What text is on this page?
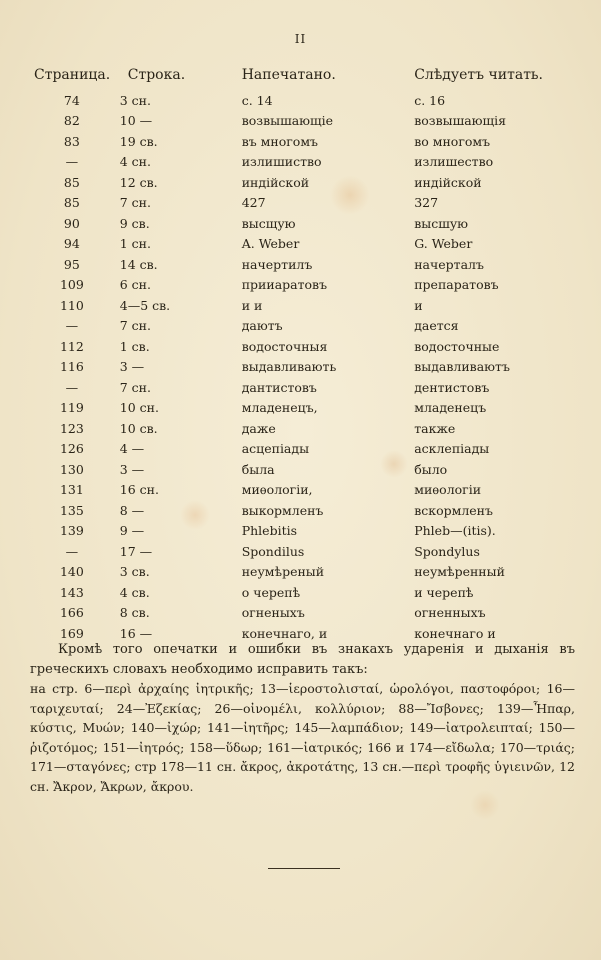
II
Страница.	Строка.	Напечатано.	Слѣдуетъ читать.
74	3 сн.	с. 14	с. 16
82	10 —	возвышающіе	возвышающія
83	19 св.	въ многомъ	во многомъ
—	4 сн.	излишиство	излишество
85	12 св.	индійской	индійской
85	7 сн.	427	327
90	9 св.	высщую	высшую
94	1 сн.	A. Weber	G. Weber
95	14 св.	начертилъ	начерталъ
109	6 сн.	прииаратовъ	препаратовъ
110	4—5 св.	и и	и
—	7 сн.	даютъ	дается
112	1 св.	водосточныя	водосточные
116	3 —	выдавливають	выдавливаютъ
—	7 сн.	дантистовъ	дентистовъ
119	10 сн.	младенецъ,	младенецъ
123	10 св.	даже	также
126	4 —	асцепіады	асклепіады
130	3 —	была	было
131	16 сн.	миѳологіи,	миѳологіи
135	8 —	выкормленъ	вскормленъ
139	9 —	Phlebitis	Phleb—(itis).
—	17 —	Spondilus	Spondylus
140	3 св.	неумѣреный	неумѣренный
143	4 св.	о черепѣ	и черепѣ
166	8 св.	огненыхъ	огненныхъ
169	16 —	конечнаго, и	конечнаго и

Кромѣ того опечатки и ошибки въ знакахъ ударенія и дыханія въ греческихъ словахъ необходимо исправить такъ:

на стр. 6—περὶ ἀρχαίης ἰητρικῆς; 13—ἱεροστολισταί, ὡρολόγοι, παστοφόροι; 16—ταριχευταί; 24—Ἐζεκίας; 26—οἰνομέλι, κολλύριον; 88—Ἴσβονες; 139—Ἧπαρ, κύστις, Μυών; 140—ἰχώρ; 141—ἰητῆρς; 145—λαμπάδιον; 149—ἰατρολειπταί; 150—ῥιζοτόμος; 151—ἰητρός; 158—ὕδωρ; 161—ἰατρικός; 166 и 174—εἴδωλα; 170—τριάς; 171—σταγόνες; стр 178—11 сн. ἄκρος, ἀκροτάτης, 13 сн.—περὶ τροφῆς ὑγιεινῶν, 12 сн. Ἄκρον, Ἄκρων, ἄκρου.
